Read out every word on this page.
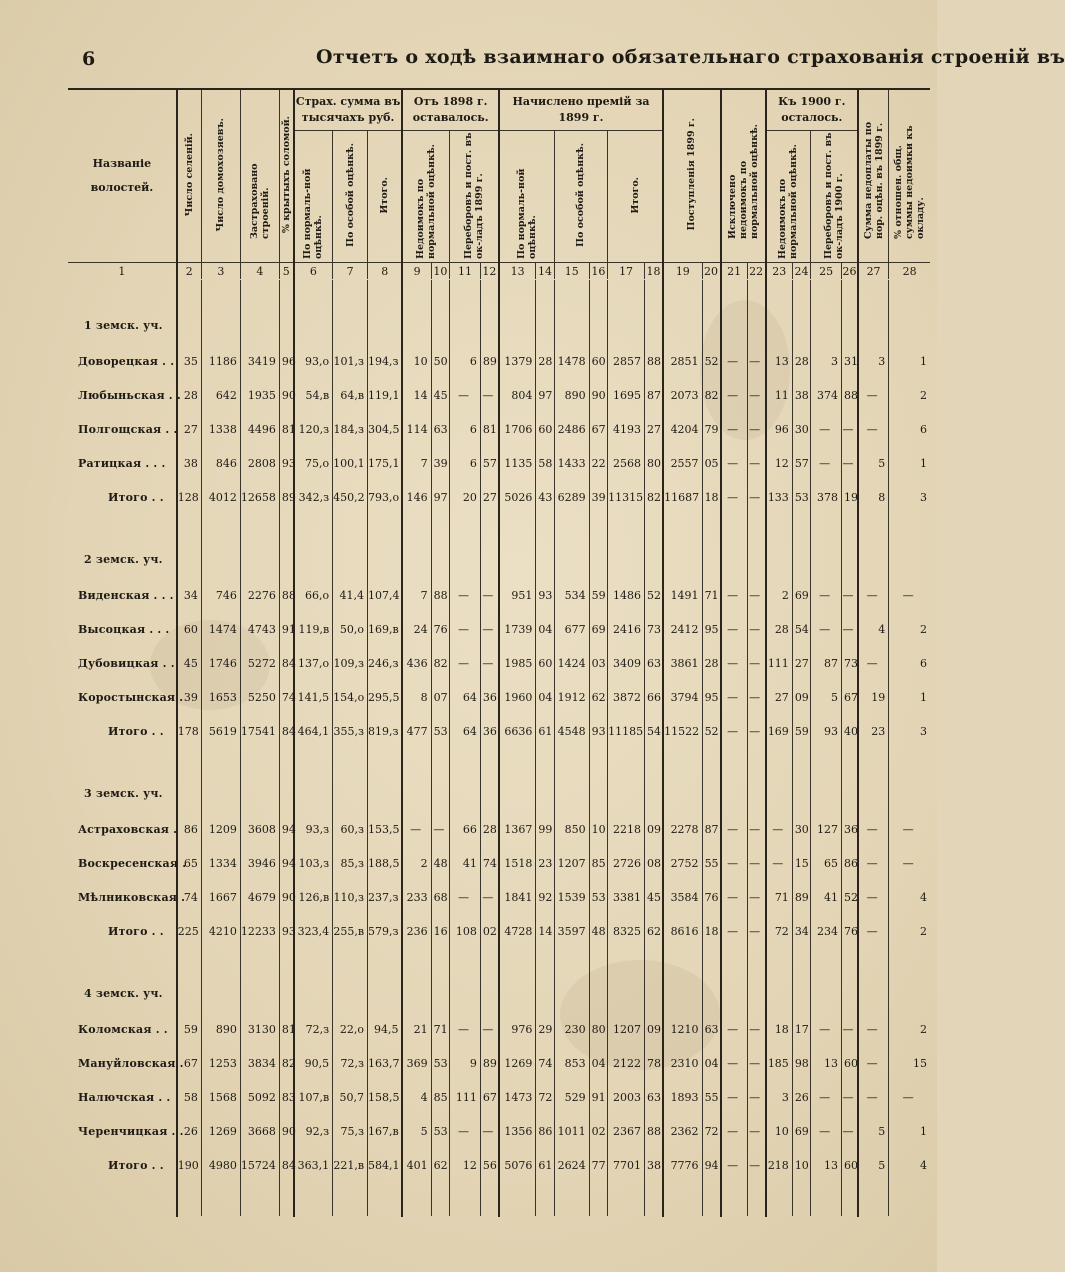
6	Отчетъ о ходѣ взаимнаго обязательнаго страхованія строеній въ
Названіе
волостей.	Число селеній.	Число домохозяевъ.	Застраховано строеній.	% крытыхъ соломой.	Страх. сумма въ тысячахъ руб.			Отъ 1898 г. оставалось.				Начислено премій за 1899 г.						Поступленія 1899 г.		Исключено недоимокъ по нормальной оцѣнкѣ.		Къ 1900 г. осталось.				Сумма недоплаты по нор. оцѣн. въ 1899 г.	% отношен. общ. суммы недоимки къ окладу.
					По нормаль-ной оцѣнкѣ.	По особой оцѣнкѣ.	Итого.	Недоимокъ по нормальной оцѣнкѣ.		Переборовъ и пост. въ ок-ладъ 1899 г.		По нормаль-ной оцѣнкѣ.		По особой оцѣнкѣ.		Итого.						Недоимокъ по нормальной оцѣнкѣ.		Переборовъ и пост. въ ок-ладъ 1900 г.			
1	2	3	4	5	6	7	8	9	10	11	12	13	14	15	16	17	18	19	20	21	22	23	24	25	26	27	28

1 земск. уч.																											
Доворецкая . .	35	1186	3419	96	93,о	101,з	194,з	10	50	6	89	1379	28	1478	60	2857	88	2851	52	—	—	13	28	3	31	3	1
Любыньская . .	28	642	1935	90	54,в	64,в	119,1	14	45	—	—	804	97	890	90	1695	87	2073	82	—	—	11	38	374	88	—	2
Полгощская . .	27	1338	4496	81	120,з	184,з	304,5	114	63	6	81	1706	60	2486	67	4193	27	4204	79	—	—	96	30	—	—	—	6
Ратицкая . . .	38	846	2808	93	75,о	100,1	175,1	7	39	6	57	1135	58	1433	22	2568	80	2557	05	—	—	12	57	—	—	5	1
Итого . .	128	4012	12658	89	342,з	450,2	793,о	146	97	20	27	5026	43	6289	39	11315	82	11687	18	—	—	133	53	378	19	8	3

2 земск. уч.																											
Виденская . . .	34	746	2276	88	66,о	41,4	107,4	7	88	—	—	951	93	534	59	1486	52	1491	71	—	—	2	69	—	—	—	—
Высоцкая . . .	60	1474	4743	91	119,в	50,о	169,в	24	76	—	—	1739	04	677	69	2416	73	2412	95	—	—	28	54	—	—	4	2
Дубовицкая . .	45	1746	5272	84	137,о	109,з	246,з	436	82	—	—	1985	60	1424	03	3409	63	3861	28	—	—	111	27	87	73	—	6
Коростынская .	39	1653	5250	74	141,5	154,о	295,5	8	07	64	36	1960	04	1912	62	3872	66	3794	95	—	—	27	09	5	67	19	1
Итого . .	178	5619	17541	84	464,1	355,з	819,з	477	53	64	36	6636	61	4548	93	11185	54	11522	52	—	—	169	59	93	40	23	3

3 земск. уч.																											
Астраховская .	86	1209	3608	94	93,з	60,з	153,5	—	—	66	28	1367	99	850	10	2218	09	2278	87	—	—	—	30	127	36	—	—
Воскресенская .	65	1334	3946	94	103,з	85,з	188,5	2	48	41	74	1518	23	1207	85	2726	08	2752	55	—	—	—	15	65	86	—	—
Мѣлниковская .	74	1667	4679	90	126,в	110,з	237,з	233	68	—	—	1841	92	1539	53	3381	45	3584	76	—	—	71	89	41	52	—	4
Итого . .	225	4210	12233	93	323,4	255,в	579,з	236	16	108	02	4728	14	3597	48	8325	62	8616	18	—	—	72	34	234	76	—	2

4 земск. уч.																											
Коломская . .	59	890	3130	81	72,з	22,о	94,5	21	71	—	—	976	29	230	80	1207	09	1210	63	—	—	18	17	—	—	—	2
Мануйловская .	67	1253	3834	82	90,5	72,з	163,7	369	53	9	89	1269	74	853	04	2122	78	2310	04	—	—	185	98	13	60	—	15
Налючская . .	58	1568	5092	83	107,в	50,7	158,5	4	85	111	67	1473	72	529	91	2003	63	1893	55	—	—	3	26	—	—	—	—
Черенчицкая . .	26	1269	3668	90	92,з	75,з	167,в	5	53	—	—	1356	86	1011	02	2367	88	2362	72	—	—	10	69	—	—	5	1
Итого . .	190	4980	15724	84	363,1	221,в	584,1	401	62	12	56	5076	61	2624	77	7701	38	7776	94	—	—	218	10	13	60	5	4
